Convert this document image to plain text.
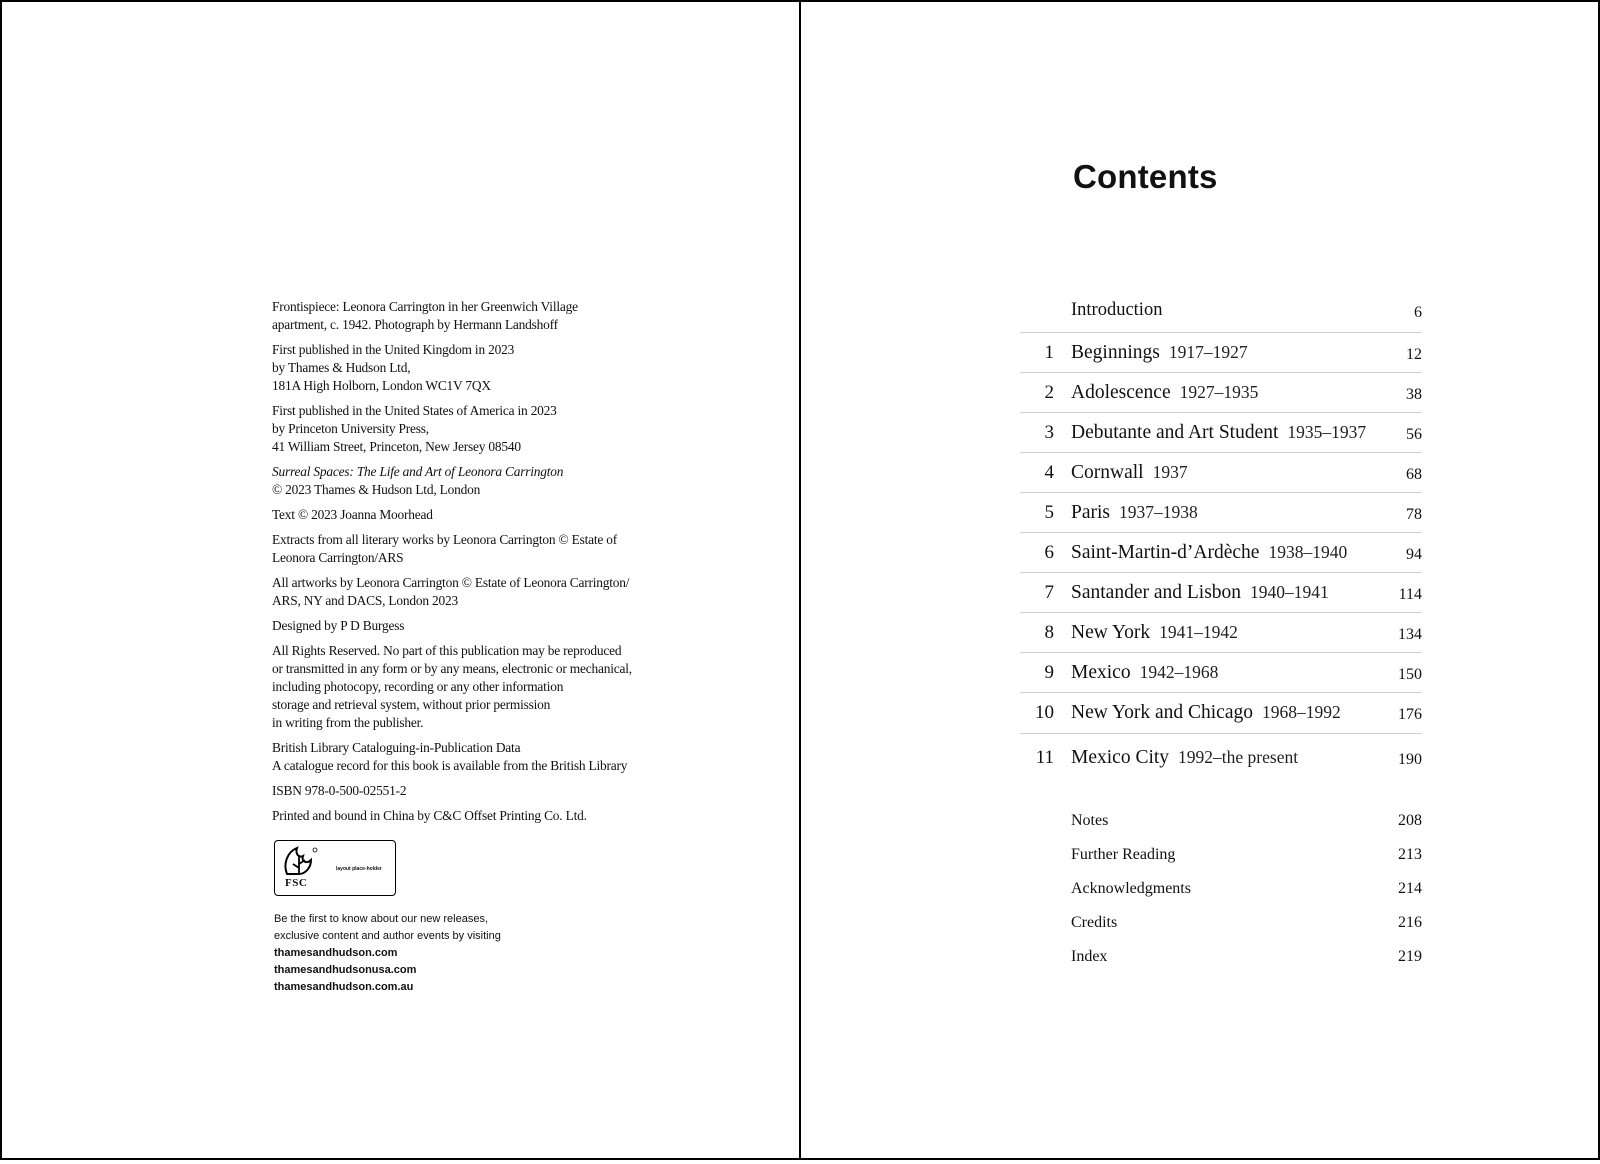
Frontispiece: Leonora Carrington in her Greenwich Village
apartment, c. 1942. Photograph by Hermann Landshoff
First published in the United Kingdom in 2023
by Thames & Hudson Ltd,
181A High Holborn, London WC1V 7QX
First published in the United States of America in 2023
by Princeton University Press,
41 William Street, Princeton, New Jersey 08540
Surreal Spaces: The Life and Art of Leonora Carrington
© 2023 Thames & Hudson Ltd, London
Text © 2023 Joanna Moorhead
Extracts from all literary works by Leonora Carrington © Estate of
Leonora Carrington/ARS
All artworks by Leonora Carrington © Estate of Leonora Carrington/
ARS, NY and DACS, London 2023
Designed by P D Burgess
All Rights Reserved. No part of this publication may be reproduced
or transmitted in any form or by any means, electronic or mechanical,
including photocopy, recording or any other information
storage and retrieval system, without prior permission
in writing from the publisher.
British Library Cataloguing-in-Publication Data
A catalogue record for this book is available from the British Library
ISBN 978-0-500-02551-2
Printed and bound in China by C&C Offset Printing Co. Ltd.
FSC
layout place-holder
Be the first to know about our new releases,
exclusive content and author events by visiting
thamesandhudson.com
thamesandhudsonusa.com
thamesandhudson.com.au
Contents
Introduction	6
1 Beginnings 1917–1927	12
2 Adolescence 1927–1935	38
3 Debutante and Art Student 1935–1937 56
4 Cornwall 1937	68
5 Paris 1937–1938	78
6 Saint-Martin-d’Ardèche 1938–1940	94
7 Santander and Lisbon 1940–1941	114
8 New York 1941–1942	134
9 Mexico 1942–1968	150
10 New York and Chicago 1968–1992	176
11 Mexico City 1992–the present	190
Notes	208
Further Reading	213
Acknowledgments	214
Credits	216
Index	219
